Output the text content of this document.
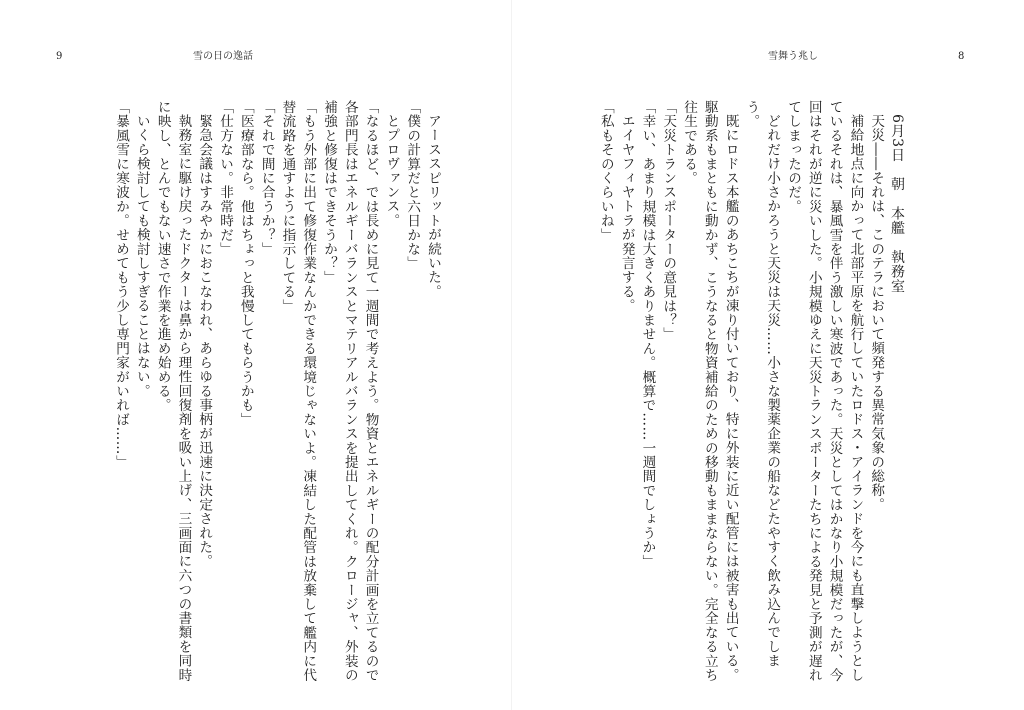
9	雪の日の逸話

アーススピリットが続いた。

「僕の計算だと六日かな」

とプロヴァンス。

「なるほど、では長めに見て一週間で考えよう。物資とエネルギーの配分計画を立てるので各部門長はエネルギーバランスとマテリアルバランスを提出してくれ。クロージャ、外装の補強と修復はできそうか？」

「もう外部に出て修復作業なんかできる環境じゃないよ。凍結した配管は放棄して艦内に代替流路を通すように指示してる」

「それで間に合うか？」

「医療部なら。他はちょっと我慢してもらうかも」

「仕方ない。非常時だ」

緊急会議はすみやかにおこなわれ、あらゆる事柄が迅速に決定された。

執務室に駆け戻ったドクターは鼻から理性回復剤を吸い上げ、三画面に六つの書類を同時に映し、とんでもない速さで作業を進め始める。

いくら検討しても検討しすぎることはない。

「暴風雪に寒波か。せめてもう少し専門家がいれば……」

雪舞う兆し	8

6月3日　朝　本艦　執務室

天災――それは、このテラにおいて頻発する異常気象の総称。

補給地点に向かって北部平原を航行していたロドス・アイランドを今にも直撃しようとしているそれは、暴風雪を伴う激しい寒波であった。天災としてはかなり小規模だったが、今回はそれが逆に災いした。小規模ゆえに天災トランスポーターたちによる発見と予測が遅れてしまったのだ。

どれだけ小さかろうと天災は天災……小さな製薬企業の船などたやすく飲み込んでしまう。

既にロドス本艦のあちこちが凍り付いており、特に外装に近い配管には被害も出ている。駆動系もまともに動かず、こうなると物資補給のための移動もままならない。完全なる立ち往生である。

「天災トランスポーターの意見は？」

「幸い、あまり規模は大きくありません。概算で……一週間でしょうか」

エイヤフィヤトラが発言する。

「私もそのくらいね」
